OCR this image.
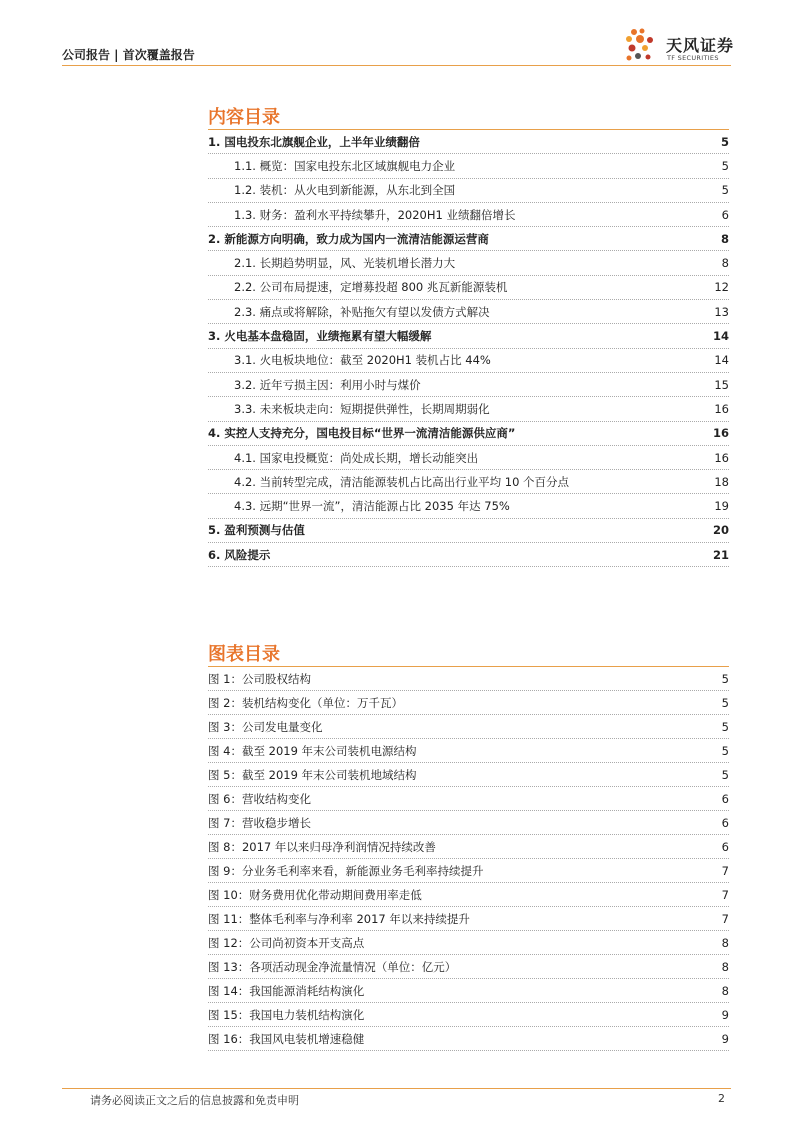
公司报告 | 首次覆盖报告	天风证券
TF SECURITIES
内容目录
1. 国电投东北旗舰企业，上半年业绩翻倍	5
1.1. 概览：国家电投东北区域旗舰电力企业	5
1.2. 装机：从火电到新能源，从东北到全国	5
1.3. 财务：盈利水平持续攀升，2020H1 业绩翻倍增长	6
2. 新能源方向明确，致力成为国内一流清洁能源运营商	8
2.1. 长期趋势明显，风、光装机增长潜力大	8
2.2. 公司布局提速，定增募投超 800 兆瓦新能源装机	12
2.3. 痛点或将解除，补贴拖欠有望以发债方式解决	13
3. 火电基本盘稳固，业绩拖累有望大幅缓解	14
3.1. 火电板块地位：截至 2020H1 装机占比 44%	14
3.2. 近年亏损主因：利用小时与煤价	15
3.3. 未来板块走向：短期提供弹性，长期周期弱化	16
4. 实控人支持充分，国电投目标“世界一流清洁能源供应商”	16
4.1. 国家电投概览：尚处成长期，增长动能突出	16
4.2. 当前转型完成，清洁能源装机占比高出行业平均 10 个百分点	18
4.3. 远期“世界一流”，清洁能源占比 2035 年达 75%	19
5. 盈利预测与估值	20
6. 风险提示	21
图表目录
图 1：公司股权结构	5
图 2：装机结构变化（单位：万千瓦）	5
图 3：公司发电量变化	5
图 4：截至 2019 年末公司装机电源结构	5
图 5：截至 2019 年末公司装机地域结构	5
图 6：营收结构变化	6
图 7：营收稳步增长	6
图 8：2017 年以来归母净利润情况持续改善	6
图 9：分业务毛利率来看，新能源业务毛利率持续提升	7
图 10：财务费用优化带动期间费用率走低	7
图 11：整体毛利率与净利率 2017 年以来持续提升	7
图 12：公司尚初资本开支高点	8
图 13：各项活动现金净流量情况（单位：亿元）	8
图 14：我国能源消耗结构演化	8
图 15：我国电力装机结构演化	9
图 16：我国风电装机增速稳健	9
请务必阅读正文之后的信息披露和免责申明	2
